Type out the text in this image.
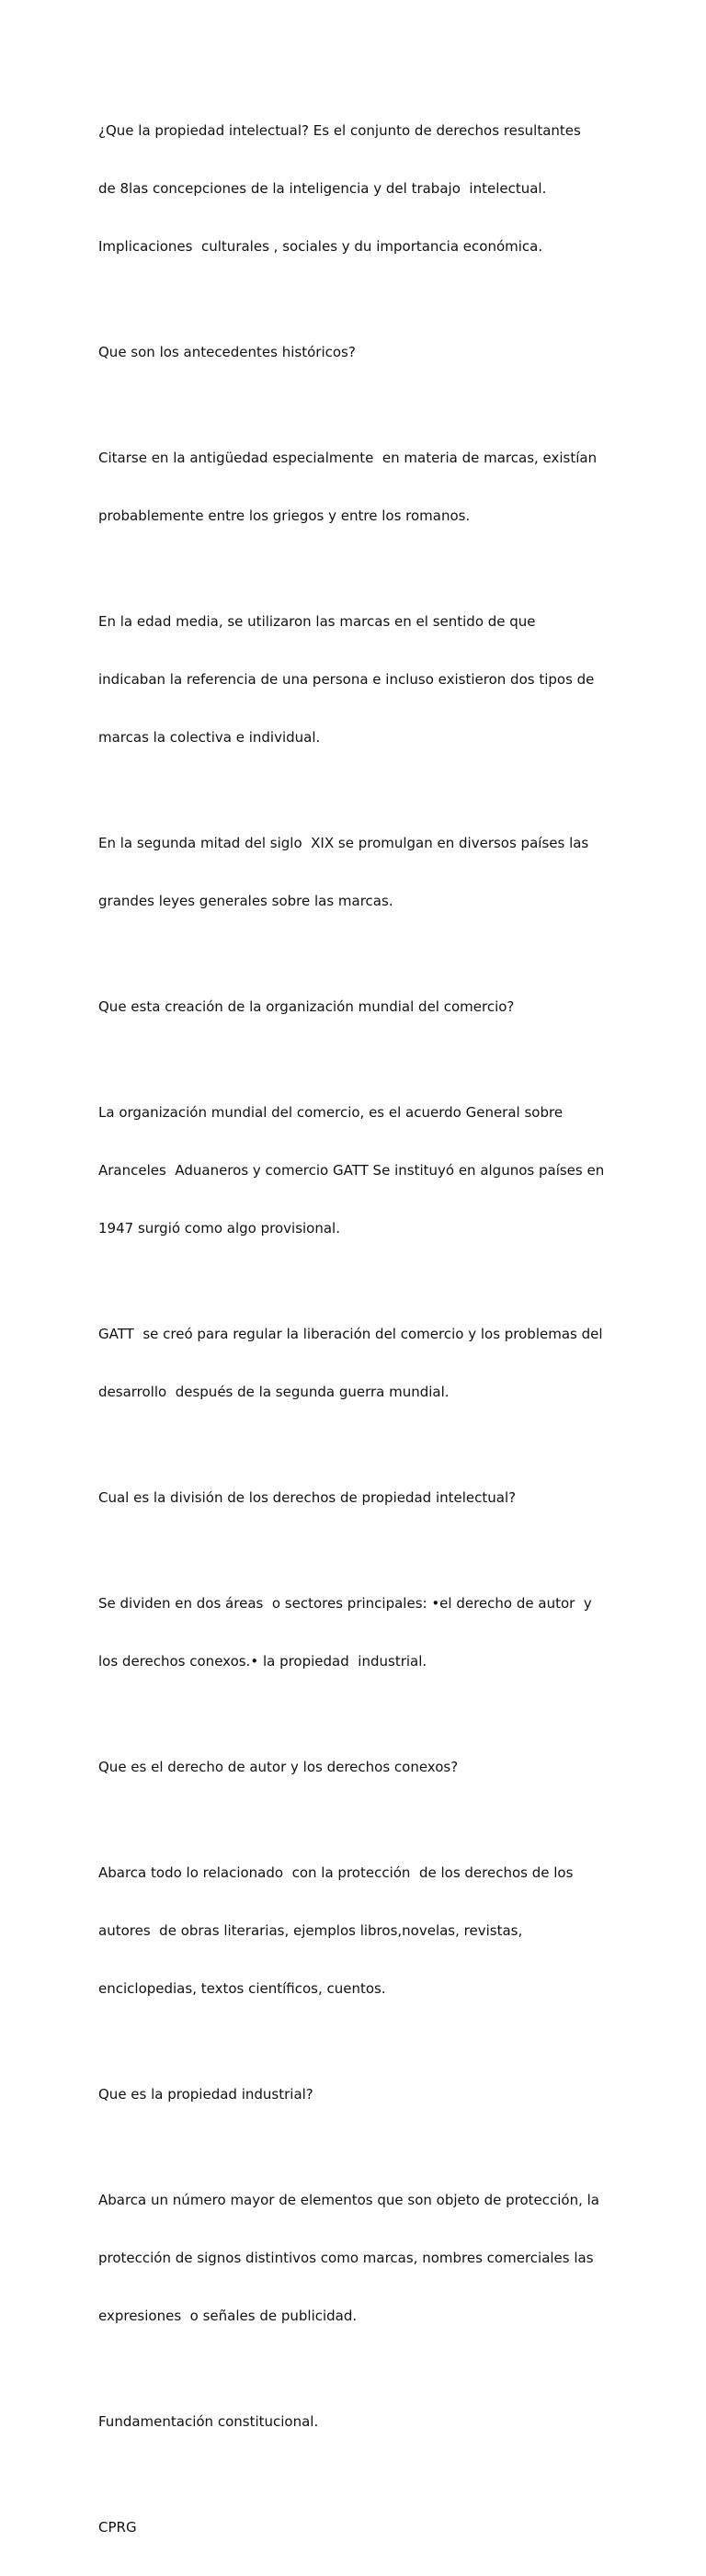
¿Que la propiedad intelectual? Es el conjunto de derechos resultantes

de 8las concepciones de la inteligencia y del trabajo  intelectual.

Implicaciones  culturales , sociales y du importancia económica.

Que son los antecedentes históricos?

Citarse en la antigüedad especialmente  en materia de marcas, existían

probablemente entre los griegos y entre los romanos.

En la edad media, se utilizaron las marcas en el sentido de que

indicaban la referencia de una persona e incluso existieron dos tipos de

marcas la colectiva e individual.

En la segunda mitad del siglo  XIX se promulgan en diversos países las

grandes leyes generales sobre las marcas.

Que esta creación de la organización mundial del comercio?

La organización mundial del comercio, es el acuerdo General sobre

Aranceles  Aduaneros y comercio GATT Se instituyó en algunos países en

1947 surgió como algo provisional.

GATT  se creó para regular la liberación del comercio y los problemas del

desarrollo  después de la segunda guerra mundial.

Cual es la división de los derechos de propiedad intelectual?

Se dividen en dos áreas  o sectores principales: •el derecho de autor  y

los derechos conexos.• la propiedad  industrial.

Que es el derecho de autor y los derechos conexos?

Abarca todo lo relacionado  con la protección  de los derechos de los

autores  de obras literarias, ejemplos libros,novelas, revistas,

enciclopedias, textos científicos, cuentos.

Que es la propiedad industrial?

Abarca un número mayor de elementos que son objeto de protección, la

protección de signos distintivos como marcas, nombres comerciales las

expresiones  o señales de publicidad.

Fundamentación constitucional.

CPRG
